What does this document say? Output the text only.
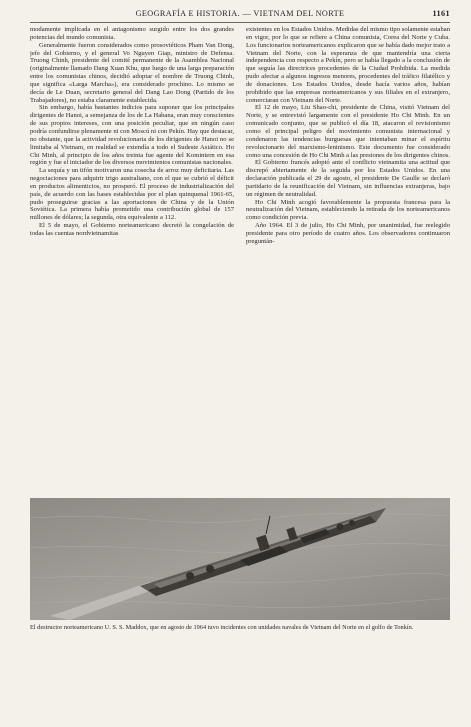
GEOGRAFÍA E HISTORIA. — VIETNAM DEL NORTE	1161

modamente implicada en el antagonismo surgido entre los dos grandes potencias del mundo comunista.

Generalmente fueron considerados como prosoviéticos Pham Van Dong, jefe del Gobierno, y el general Vo Nguyen Giap, ministro de Defensa. Truong Chinh, presidente del comité permanente de la Asamblea Nacional (originalmente llamado Dang Xuan Khu, que luego de una larga preparación entre los comunistas chinos, decidió adoptar el nombre de Truong Chinh, que significa «Larga Marcha»), era considerado prochino. Lo mismo se decía de Le Duan, secretario general del Dang Lao Dong (Partido de los Trabajadores), no estaba claramente establecida.

Sin embargo, había bastantes indicios para suponer que los principales dirigentes de Hanoi, a semejanza de los de La Habana, eran muy conscientes de sus propios intereses, con una posición peculiar, que en ningún caso podría confundirse plenamente ni con Moscú ni con Pekín. Hay que destacar, no obstante, que la actividad revolucionaria de los dirigentes de Hanoi no se limitaba al Vietnam, en realidad se extendía a todo el Sudeste Asiático. Ho Chi Minh, al principio de los años treinta fue agente del Komintern en esa región y fue el iniciador de los diversos movimientos comunistas nacionales.

La sequía y un tifón motivaron una cosecha de arroz muy deficitaria. Las negociaciones para adquirir trigo australiano, con el que se cubrió el déficit en productos alimenticios, no prosperó. El proceso de industrialización del país, de acuerdo con las bases establecidas por el plan quinquenal 1961-65, pudo proseguirse gracias a las aportaciones de China y de la Unión Soviética. La primera había prometido una contribución global de 157 millones de dólares; la segunda, otra equivalente a 112.

El 5 de mayo, el Gobierno norteamericano decretó la congelación de todas las cuentas nordvietnamitas

existentes en los Estados Unidos. Medidas del mismo tipo solamente estaban en vigor, por lo que se refiere a China comunista, Corea del Norte y Cuba. Los funcionarios norteamericanos explicaron que se había dado mejor trato a Vietnam del Norte, con la esperanza de que mantendría una cierta independencia con respecto a Pekín, pero se había llegado a la conclusión de que seguía las directrices procedentes de la Ciudad Prohibida. La medida pudo afectar a algunos ingresos menores, procedentes del tráfico filatélico y de donaciones. Los Estados Unidos, desde hacía varios años, habían prohibido que las empresas norteamericanos y sus filiales en el extranjero, comerciaran con Vietnam del Norte.

El 12 de mayo, Liu Shao-chi, presidente de China, visitó Vietnam del Norte, y se entrevistó largamente con el presidente Ho Chi Minh. En un comunicado conjunto, que se publicó el día 18, atacaron el revisionismo como el principal peligro del movimiento comunista internacional y condenaron las tendencias burguesas que intentaban minar el espíritu revolucionario del marxismo-leninismo. Este documento fue considerado como una concesión de Ho Chi Minh a las presiones de los dirigentes chinos.

El Gobierno francés adoptó ante el conflicto vietnamita una actitud que discrepó abiertamente de la seguida por los Estados Unidos. En una declaración publicada el 29 de agosto, el presidente De Gaulle se declaró partidario de la reunificación del Vietnam, sin influencias extranjeras, bajo un régimen de neutralidad.

Ho Chi Minh acogió favorablemente la propuesta francesa para la neutralización del Vietnam, estableciendo la retirada de los norteamericanos como condición previa.

Año 1964. El 3 de julio, Ho Chi Minh, por unanimidad, fue reelegido presidente para otro período de cuatro años. Los observadores continuaron preguntán-

El destructor norteamericano U. S. S. Maddox, que en agosto de 1964 tuvo incidentes con unidades navales de Vietnam del Norte en el golfo de Tonkín.
